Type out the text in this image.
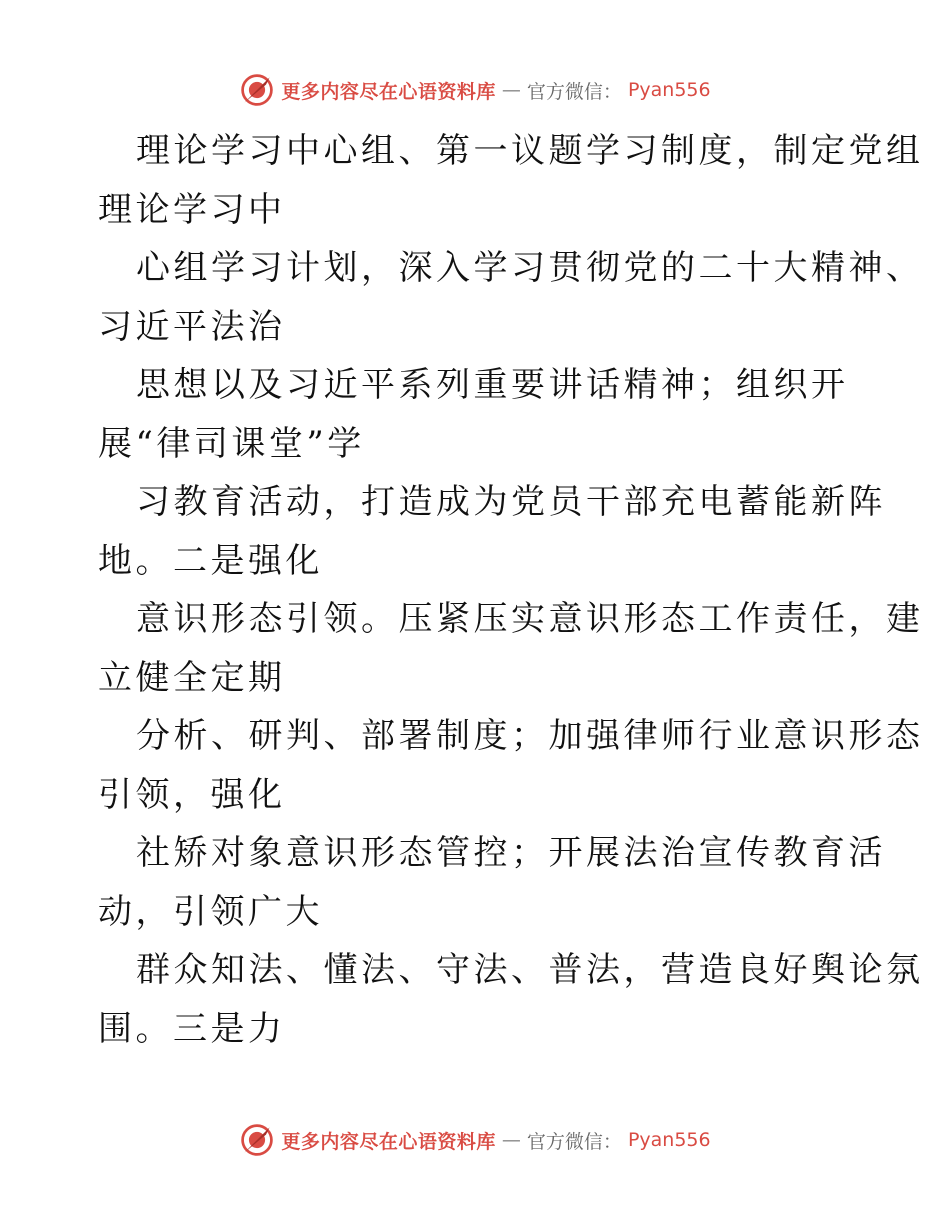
更多内容尽在心语资料库 — 官方微信： Pyan556
理论学习中心组、第一议题学习制度，制定党组
理论学习中
心组学习计划，深入学习贯彻党的二十大精神、
习近平法治
思想以及习近平系列重要讲话精神；组织开
展“律司课堂”学
习教育活动，打造成为党员干部充电蓄能新阵
地。二是强化
意识形态引领。压紧压实意识形态工作责任，建
立健全定期
分析、研判、部署制度；加强律师行业意识形态
引领，强化
社矫对象意识形态管控；开展法治宣传教育活
动，引领广大
群众知法、懂法、守法、普法，营造良好舆论氛
围。三是力
更多内容尽在心语资料库 — 官方微信： Pyan556
